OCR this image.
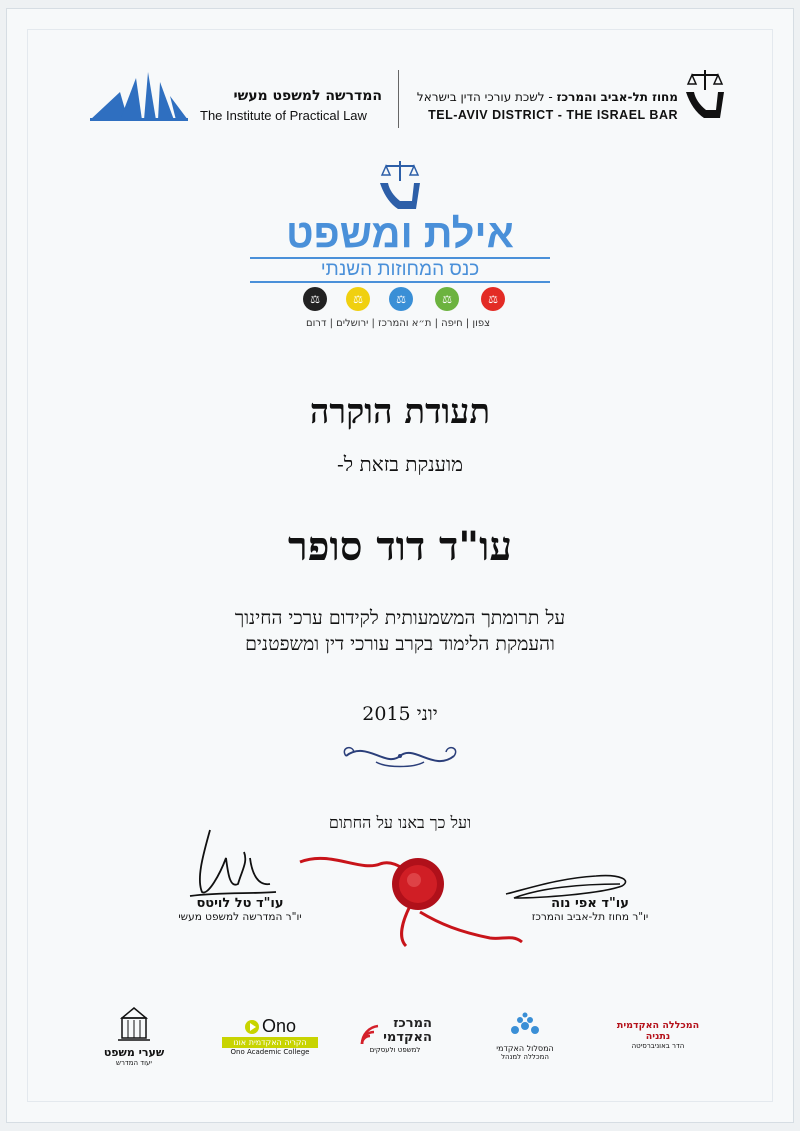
המדרשה למשפט מעשי
The Institute of Practical Law
מחוז תל-אביב והמרכז - לשכת עורכי הדין בישראל
TEL-AVIV DISTRICT - THE ISRAEL BAR
אילת ומשפט
כנס המחוזות השנתי
⚖
⚖
⚖
⚖
⚖
צפון | חיפה | ת״א והמרכז | ירושלים | דרום
תעודת הוקרה
מוענקת בזאת ל-
עו"ד דוד סופר
על תרומתך המשמעותית לקידום ערכי החינוך
והעמקת הלימוד בקרב עורכי דין ומשפטנים
יוני 2015
ועל כך באנו על החתום
עו"ד טל לויטס
יו"ר המדרשה למשפט מעשי
עו"ד אפי נוה
יו"ר מחוז תל-אביב והמרכז
שערי משפט
יעוד המדרש
Ono
הקריה האקדמית אונו
Ono Academic College
המרכז
האקדמי
למשפט ולעסקים	המסלול האקדמי
המכללה למנהל
המכללה האקדמית נתניה
הדר באוניברסיטה
